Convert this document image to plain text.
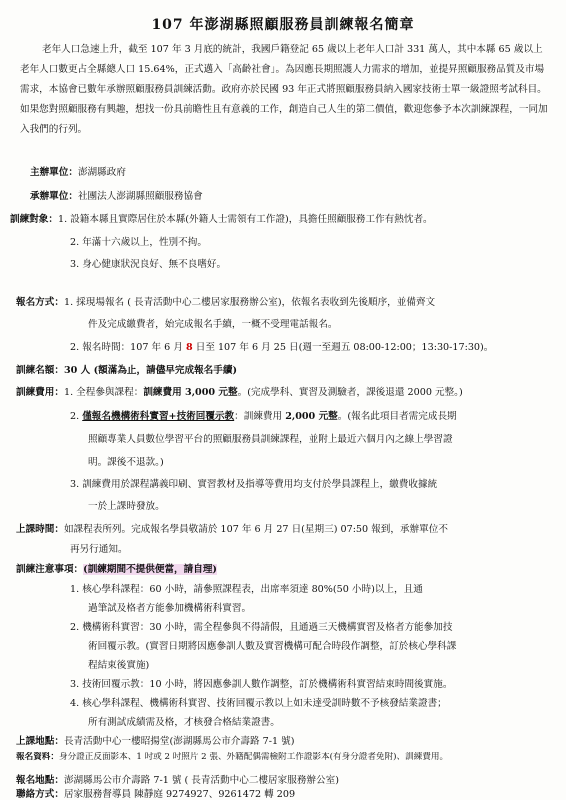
107 年澎湖縣照顧服務員訓練報名簡章

老年人口急速上升，截至 107 年 3 月底的統計，我國戶籍登記 65 歲以上老年人口計 331 萬人，其中本縣 65 歲以上老年人口數更占全縣總人口 15.64%，正式邁入「高齡社會」。為因應長期照護人力需求的增加，並提昇照顧服務品質及市場需求，本協會已數年承辦照顧服務員訓練活動。政府亦於民國 93 年正式將照顧服務員納入國家技術士單一級證照考試科目。如果您對照顧服務有興趣，想找一份具前瞻性且有意義的工作，創造自己人生的第二價值，歡迎您參予本次訓練課程，一同加入我們的行列。

主辦單位：澎湖縣政府
承辦單位：社團法人澎湖縣照顧服務協會
訓練對象：1. 設籍本縣且實際居住於本縣(外籍人士需領有工作證)，具擔任照顧服務工作有熱忱者。
2. 年滿十六歲以上，性別不拘。
3. 身心健康狀況良好、無不良嗜好。
報名方式：1. 採現場報名 ( 長青活動中心二樓居家服務辦公室)，依報名表收到先後順序，並備齊文
件及完成繳費者，始完成報名手續，一概不受理電話報名。
2. 報名時間：107 年 6 月 8 日至 107 年 6 月 25 日(週一至週五 08:00-12:00；13:30-17:30)。
訓練名額：30 人 (額滿為止，請儘早完成報名手續)
訓練費用：1. 全程參與課程：訓練費用 3,000 元整。(完成學科、實習及測驗者，課後退還 2000 元整。)
2. 僅報名機構術科實習+技術回覆示教：訓練費用 2,000 元整。(報名此項目者需完成長期
照顧專業人員數位學習平台的照顧服務員訓練課程，並附上最近六個月內之線上學習證
明。課後不退款。)
3. 訓練費用於課程講義印刷、實習教材及指導等費用均支付於學員課程上，繳費收據統
一於上課時發放。
上課時間：如課程表所列。完成報名學員敬請於 107 年 6 月 27 日(星期三) 07:50 報到，承辦單位不
再另行通知。
訓練注意事項：(訓練期間不提供便當，請自理)
1. 核心學科課程：60 小時，請參照課程表，出席率須達 80%(50 小時)以上，且通
過筆試及格者方能參加機構術科實習。
2. 機構術科實習：30 小時，需全程參與不得請假，且通過三天機構實習及格者方能參加技
術回覆示教。(實習日期將因應參訓人數及實習機構可配合時段作調整，訂於核心學科課
程結束後實施)
3. 技術回覆示教：10 小時，將因應參訓人數作調整，訂於機構術科實習結束時間後實施。
4. 核心學科課程、機構術科實習、技術回覆示教以上如未達受訓時數不予核發結業證書；
所有測試成績需及格，才核發合格結業證書。
上課地點：長青活動中心一樓昭揚堂(澎湖縣馬公市介壽路 7-1 號)
報名地點：澎湖縣馬公市介壽路 7-1 號 ( 長青活動中心二樓居家服務辦公室)
聯絡方式：居家服務督導員 陳靜庭 9274927、9261472 轉 209
報名資料：身分證正反面影本、1 吋或 2 吋照片 2 張、外籍配偶需檢附工作證影本(有身分證者免附)、訓練費用。
